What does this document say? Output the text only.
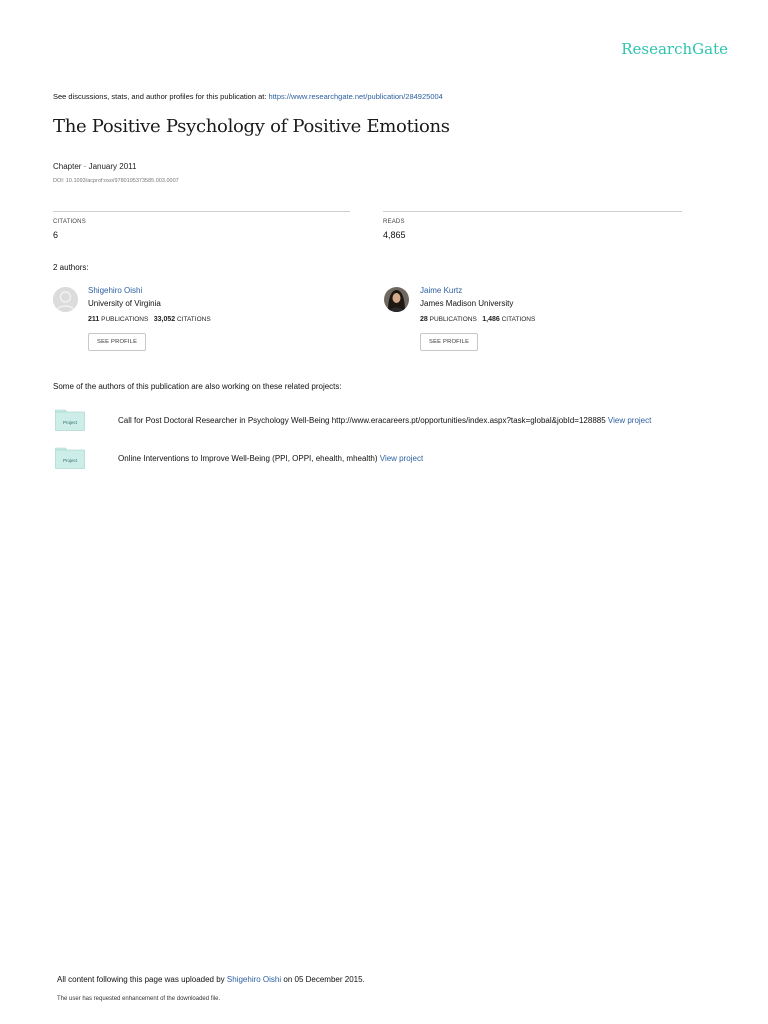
ResearchGate
See discussions, stats, and author profiles for this publication at: https://www.researchgate.net/publication/284925004
The Positive Psychology of Positive Emotions
Chapter · January 2011
DOI: 10.1093/acprof:oso/9780195373585.003.0007
CITATIONS
6
READS
4,865
2 authors:
Shigehiro Oishi
University of Virginia
211 PUBLICATIONS 33,052 CITATIONS
SEE PROFILE
Jaime Kurtz
James Madison University
28 PUBLICATIONS 1,486 CITATIONS
SEE PROFILE
Some of the authors of this publication are also working on these related projects:
Project	Call for Post Doctoral Researcher in Psychology Well-Being http://www.eracareers.pt/opportunities/index.aspx?task=global&jobId=128885 View project
Project	Online Interventions to Improve Well-Being (PPI, OPPI, ehealth, mhealth) View project
All content following this page was uploaded by Shigehiro Oishi on 05 December 2015.
The user has requested enhancement of the downloaded file.
